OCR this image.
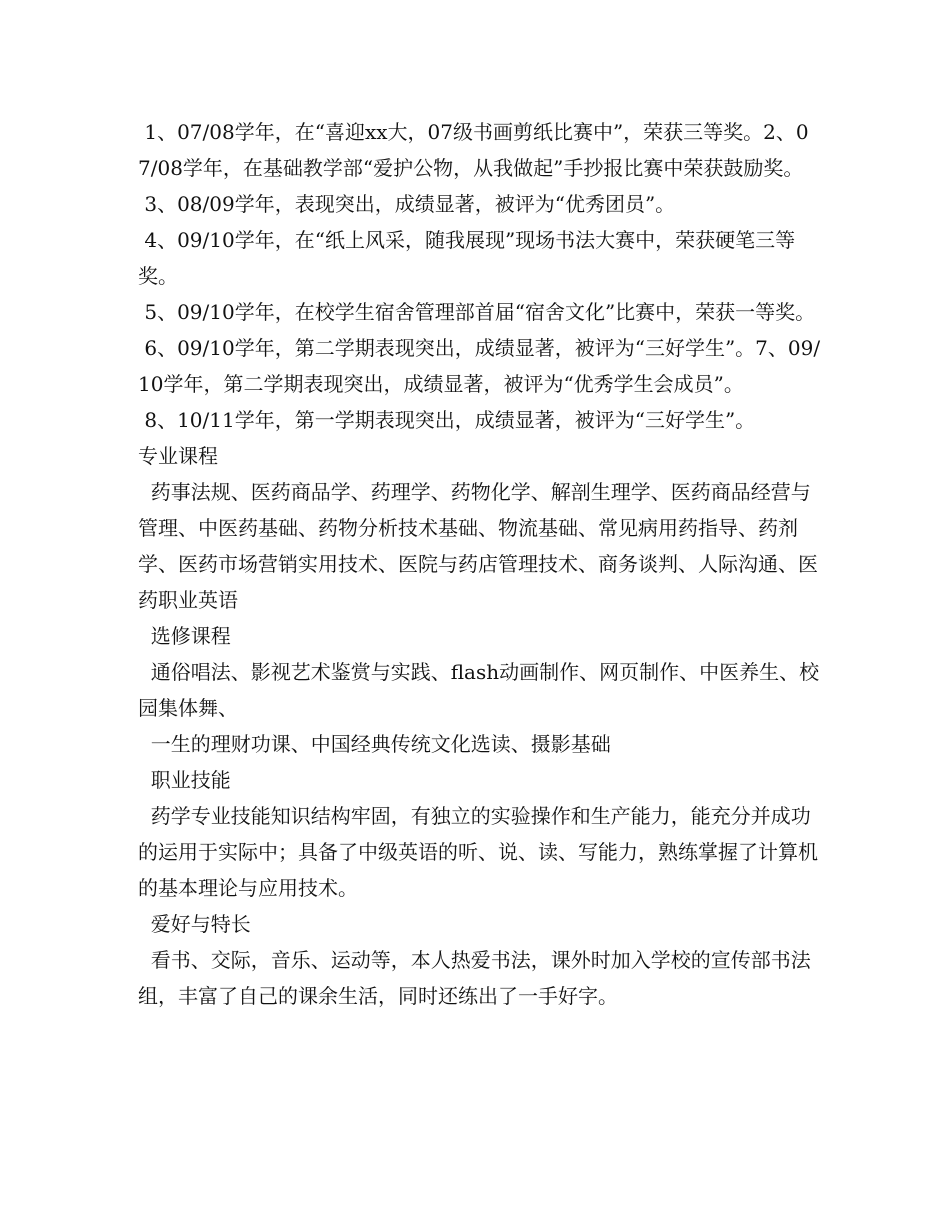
1、07/08学年，在“喜迎xx大，07级书画剪纸比赛中”，荣获三等奖。2、07/08学年，在基础教学部“爱护公物，从我做起”手抄报比赛中荣获鼓励奖。

3、08/09学年，表现突出，成绩显著，被评为“优秀团员”。

4、09/10学年，在“纸上风采，随我展现”现场书法大赛中，荣获硬笔三等奖。

5、09/10学年，在校学生宿舍管理部首届“宿舍文化”比赛中，荣获一等奖。

6、09/10学年，第二学期表现突出，成绩显著，被评为“三好学生”。7、09/10学年，第二学期表现突出，成绩显著，被评为“优秀学生会成员”。

8、10/11学年，第一学期表现突出，成绩显著，被评为“三好学生”。

专业课程

药事法规、医药商品学、药理学、药物化学、解剖生理学、医药商品经营与管理、中医药基础、药物分析技术基础、物流基础、常见病用药指导、药剂学、医药市场营销实用技术、医院与药店管理技术、商务谈判、人际沟通、医药职业英语

选修课程

通俗唱法、影视艺术鉴赏与实践、flash动画制作、网页制作、中医养生、校园集体舞、

一生的理财功课、中国经典传统文化选读、摄影基础

职业技能

药学专业技能知识结构牢固，有独立的实验操作和生产能力，能充分并成功的运用于实际中；具备了中级英语的听、说、读、写能力，熟练掌握了计算机的基本理论与应用技术。

爱好与特长

看书、交际，音乐、运动等，本人热爱书法，课外时加入学校的宣传部书法组，丰富了自己的课余生活，同时还练出了一手好字。
